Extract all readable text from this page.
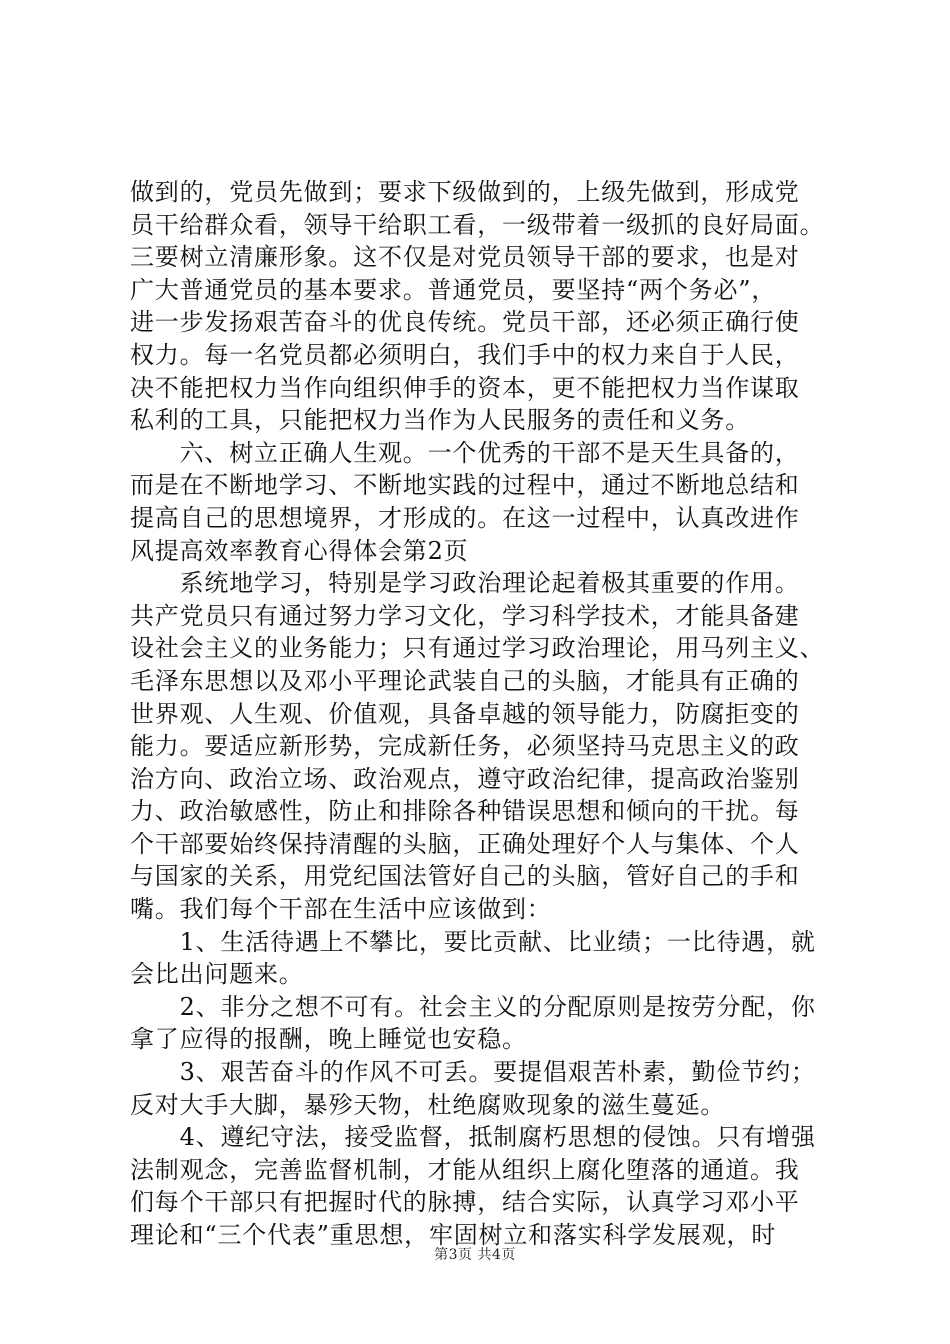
做到的，党员先做到；要求下级做到的，上级先做到，形成党
员干给群众看，领导干给职工看，一级带着一级抓的良好局面。
三要树立清廉形象。这不仅是对党员领导干部的要求，也是对
广大普通党员的基本要求。普通党员，要坚持“两个务必”，
进一步发扬艰苦奋斗的优良传统。党员干部，还必须正确行使
权力。每一名党员都必须明白，我们手中的权力来自于人民，
决不能把权力当作向组织伸手的资本，更不能把权力当作谋取
私利的工具，只能把权力当作为人民服务的责任和义务。
　　六、树立正确人生观。一个优秀的干部不是天生具备的，
而是在不断地学习、不断地实践的过程中，通过不断地总结和
提高自己的思想境界，才形成的。在这一过程中，认真改进作
风提高效率教育心得体会第2页
　　系统地学习，特别是学习政治理论起着极其重要的作用。
共产党员只有通过努力学习文化，学习科学技术，才能具备建
设社会主义的业务能力；只有通过学习政治理论，用马列主义、
毛泽东思想以及邓小平理论武装自己的头脑，才能具有正确的
世界观、人生观、价值观，具备卓越的领导能力，防腐拒变的
能力。要适应新形势，完成新任务，必须坚持马克思主义的政
治方向、政治立场、政治观点，遵守政治纪律，提高政治鉴别
力、政治敏感性，防止和排除各种错误思想和倾向的干扰。每
个干部要始终保持清醒的头脑，正确处理好个人与集体、个人
与国家的关系，用党纪国法管好自己的头脑，管好自己的手和
嘴。我们每个干部在生活中应该做到：
　　1、生活待遇上不攀比，要比贡献、比业绩；一比待遇，就
会比出问题来。
　　2、非分之想不可有。社会主义的分配原则是按劳分配，你
拿了应得的报酬，晚上睡觉也安稳。
　　3、艰苦奋斗的作风不可丢。要提倡艰苦朴素，勤俭节约；
反对大手大脚，暴殄天物，杜绝腐败现象的滋生蔓延。
　　4、遵纪守法，接受监督，抵制腐朽思想的侵蚀。只有增强
法制观念，完善监督机制，才能从组织上腐化堕落的通道。我
们每个干部只有把握时代的脉搏，结合实际，认真学习邓小平
理论和“三个代表”重思想，牢固树立和落实科学发展观，时
第3页 共4页
